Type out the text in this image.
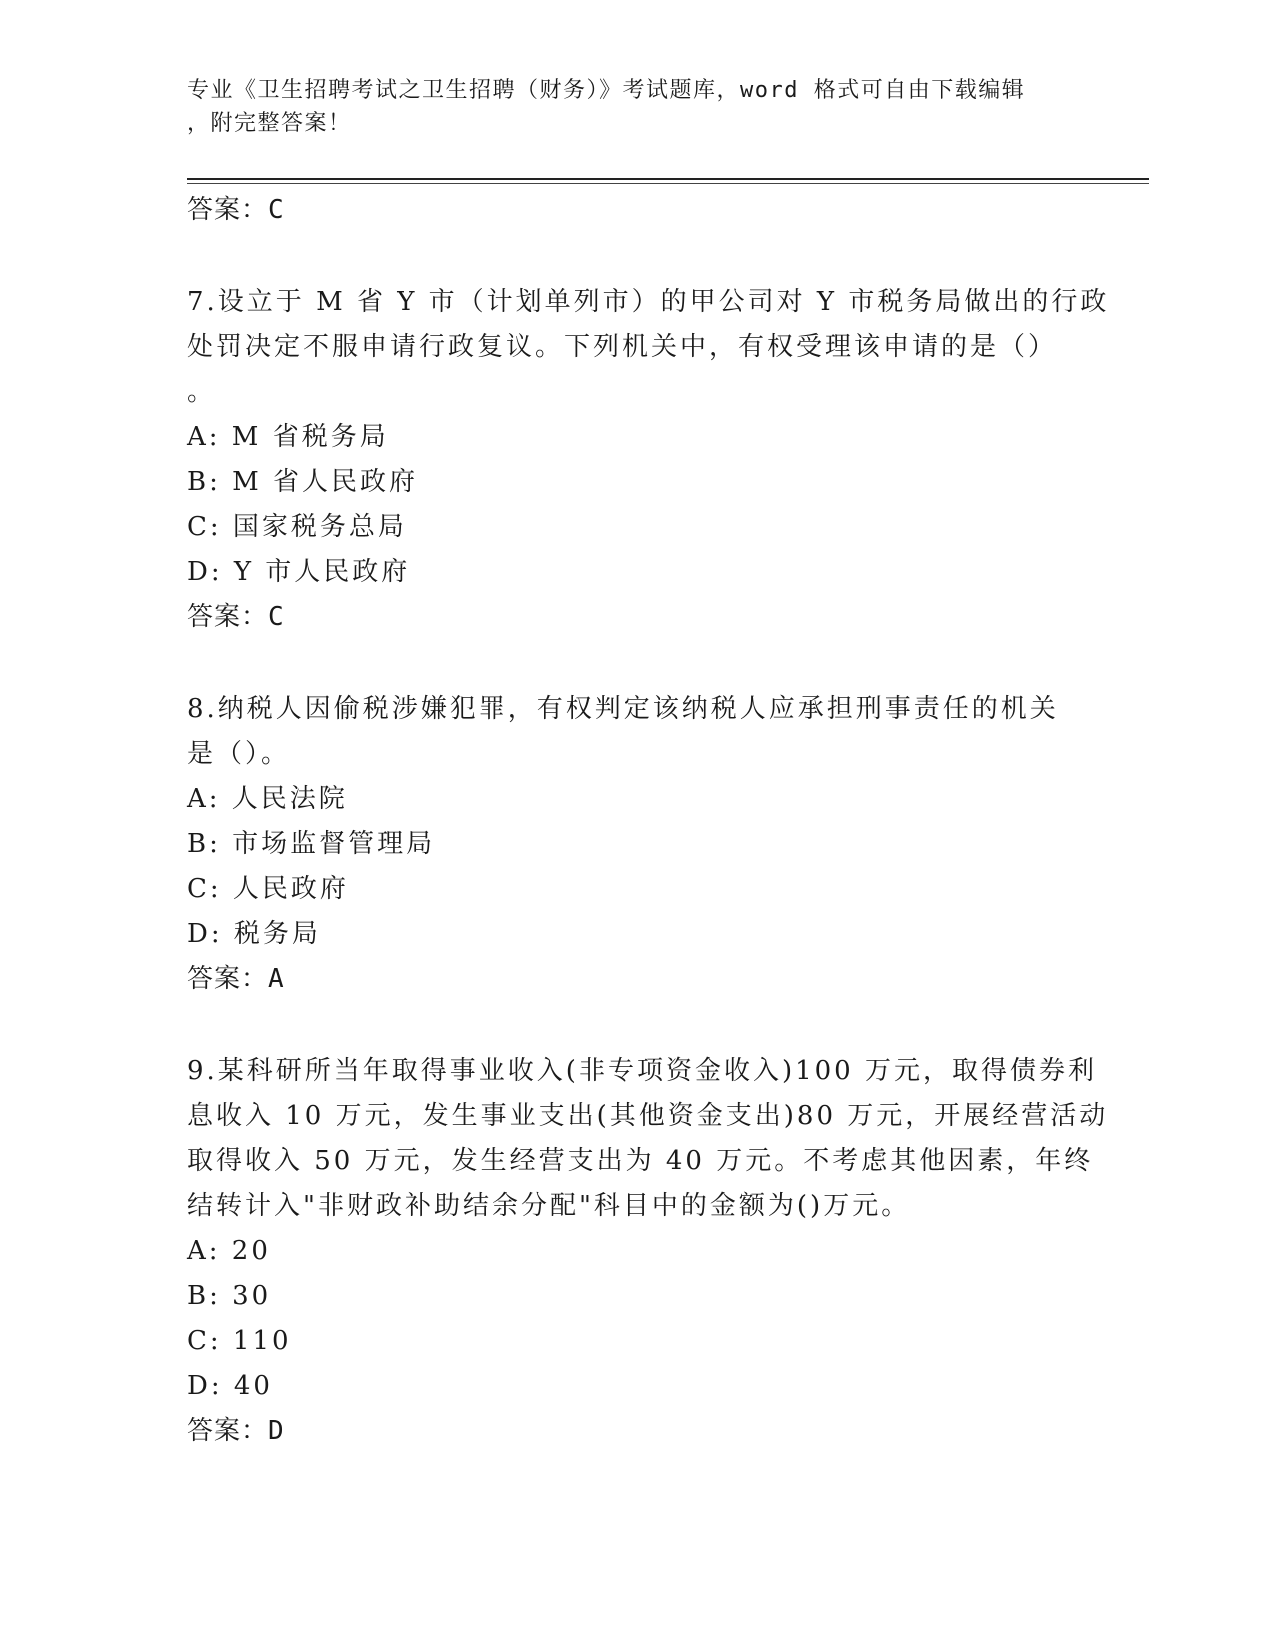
专业《卫生招聘考试之卫生招聘（财务）》考试题库，word 格式可自由下载编辑
，附完整答案！
答案：C
7.设立于 M 省 Y 市（计划单列市）的甲公司对 Y 市税务局做出的行政
处罚决定不服申请行政复议。下列机关中，有权受理该申请的是（）
。
A: M 省税务局
B: M 省人民政府
C: 国家税务总局
D: Y 市人民政府
答案：C
8.纳税人因偷税涉嫌犯罪，有权判定该纳税人应承担刑事责任的机关
是（）。
A: 人民法院
B: 市场监督管理局
C: 人民政府
D: 税务局
答案：A
9.某科研所当年取得事业收入(非专项资金收入)100 万元，取得债券利
息收入 10 万元，发生事业支出(其他资金支出)80 万元，开展经营活动
取得收入 50 万元，发生经营支出为 40 万元。不考虑其他因素，年终
结转计入"非财政补助结余分配"科目中的金额为()万元。
A: 20
B: 30
C: 110
D: 40
答案：D
